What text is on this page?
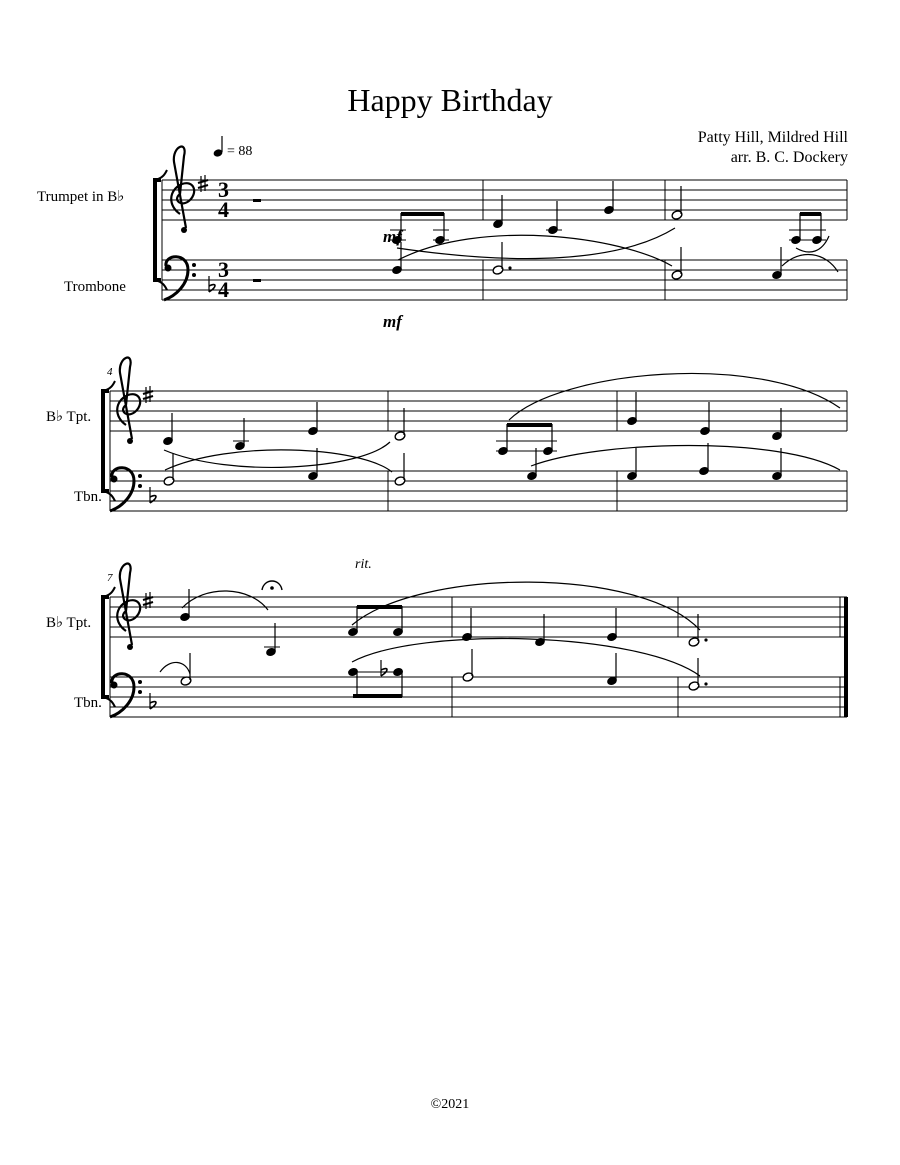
Happy Birthday
Patty Hill, Mildred Hill
arr. B. C. Dockery
3
4
3
4
= 88
mf
mf
Trumpet in B♭
Trombone
4
B♭ Tpt.
Tbn.
7
rit.
B♭ Tpt.
Tbn.
©2021
